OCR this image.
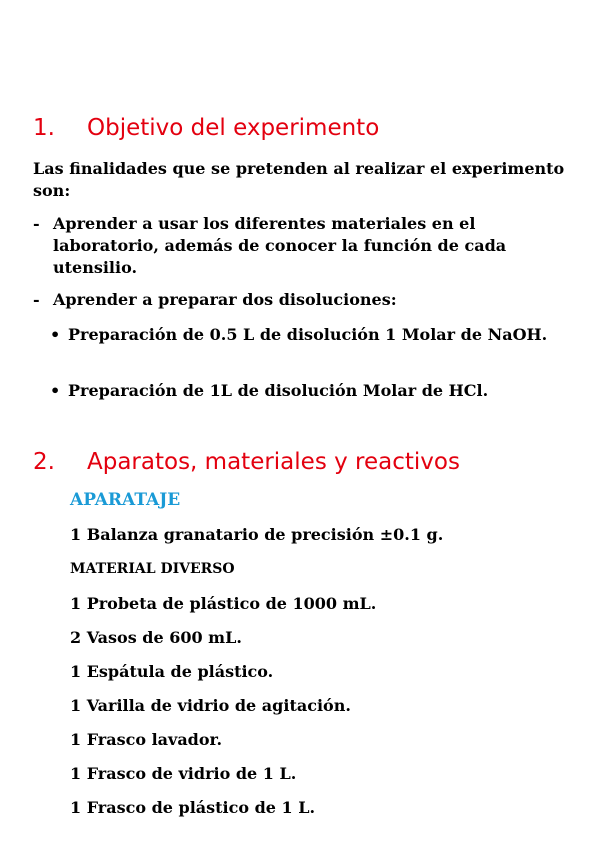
1. Objetivo del experimento
Las finalidades que se pretenden al realizar el experimento son:
- Aprender a usar los diferentes materiales en el laboratorio, además de conocer la función de cada utensilio.
- Aprender a preparar dos disoluciones:
• Preparación de 0.5 L de disolución 1 Molar de NaOH.
• Preparación de 1L de disolución Molar de HCl.
2. Aparatos, materiales y reactivos
APARATAJE
1 Balanza granatario de precisión ±0.1 g.
MATERIAL DIVERSO
1 Probeta de plástico de 1000 mL.
2 Vasos de 600 mL.
1 Espátula de plástico.
1 Varilla de vidrio de agitación.
1 Frasco lavador.
1 Frasco de vidrio de 1 L.
1 Frasco de plástico de 1 L.
